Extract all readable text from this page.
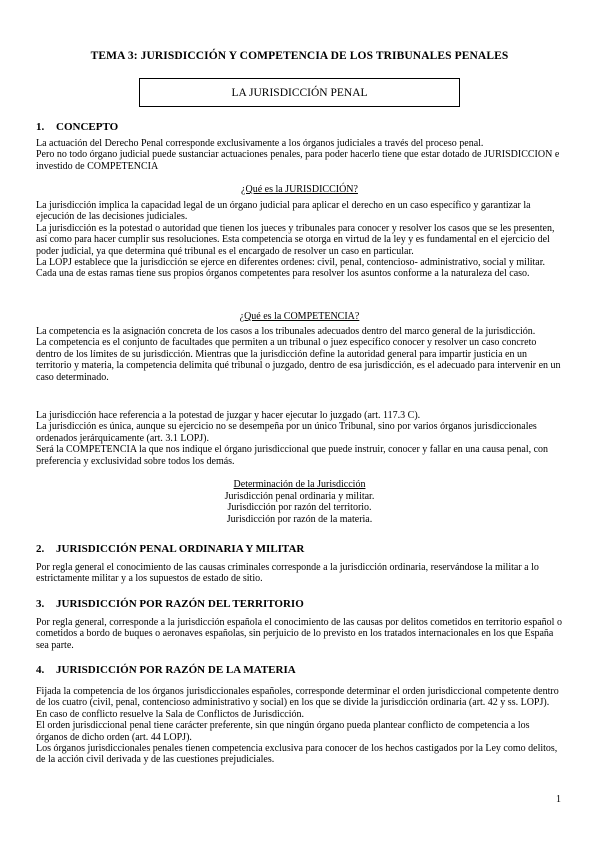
TEMA 3: JURISDICCIÓN Y COMPETENCIA DE LOS TRIBUNALES PENALES
LA JURISDICCIÓN PENAL
1. CONCEPTO

La actuación del Derecho Penal corresponde exclusivamente a los órganos judiciales a través del proceso penal.

Pero no todo órgano judicial puede sustanciar actuaciones penales, para poder hacerlo tiene que estar dotado de JURISDICCION e investido de COMPETENCIA

¿Qué es la JURISDICCIÓN?

La jurisdicción implica la capacidad legal de un órgano judicial para aplicar el derecho en un caso específico y garantizar la ejecución de las decisiones judiciales.

La jurisdicción es la potestad o autoridad que tienen los jueces y tribunales para conocer y resolver los casos que se les presenten, así como para hacer cumplir sus resoluciones. Esta competencia se otorga en virtud de la ley y es fundamental en el ejercicio del poder judicial, ya que determina qué tribunal es el encargado de resolver un caso en particular.

La LOPJ establece que la jurisdicción se ejerce en diferentes ordenes: civil, penal, contencioso- administrativo, social y militar. Cada una de estas ramas tiene sus propios órganos competentes para resolver los asuntos conforme a la naturaleza del caso.

¿Qué es la COMPETENCIA?

La competencia es la asignación concreta de los casos a los tribunales adecuados dentro del marco general de la jurisdicción.

La competencia es el conjunto de facultades que permiten a un tribunal o juez específico conocer y resolver un caso concreto dentro de los límites de su jurisdicción. Mientras que la jurisdicción define la autoridad general para impartir justicia en un territorio y materia, la competencia delimita qué tribunal o juzgado, dentro de esa jurisdicción, es el adecuado para intervenir en un caso determinado.

La jurisdicción hace referencia a la potestad de juzgar y hacer ejecutar lo juzgado (art. 117.3 C).

La jurisdicción es única, aunque su ejercicio no se desempeña por un único Tribunal, sino por varios órganos jurisdiccionales ordenados jerárquicamente (art. 3.1 LOPJ).

Será la COMPETENCIA la que nos indique el órgano jurisdiccional que puede instruir, conocer y fallar en una causa penal, con preferencia y exclusividad sobre todos los demás.

Determinación de la Jurisdicción
Jurisdicción penal ordinaria y militar.
Jurisdicción por razón del territorio.
Jurisdicción por razón de la materia.
2. JURISDICCIÓN PENAL ORDINARIA Y MILITAR

Por regla general el conocimiento de las causas criminales corresponde a la jurisdicción ordinaria, reservándose la militar a lo estrictamente militar y a los supuestos de estado de sitio.

3. JURISDICCIÓN POR RAZÓN DEL TERRITORIO

Por regla general, corresponde a la jurisdicción española el conocimiento de las causas por delitos cometidos en territorio español o cometidos a bordo de buques o aeronaves españolas, sin perjuicio de lo previsto en los tratados internacionales en los que España sea parte.

4. JURISDICCIÓN POR RAZÓN DE LA MATERIA

Fijada la competencia de los órganos jurisdiccionales españoles, corresponde determinar el orden jurisdiccional competente dentro de los cuatro (civil, penal, contencioso administrativo y social) en los que se divide la jurisdicción ordinaria (art. 42 y ss. LOPJ).

En caso de conflicto resuelve la Sala de Conflictos de Jurisdicción.

El orden jurisdiccional penal tiene carácter preferente, sin que ningún órgano pueda plantear conflicto de competencia a los órganos de dicho orden (art. 44 LOPJ).

Los órganos jurisdiccionales penales tienen competencia exclusiva para conocer de los hechos castigados por la Ley como delitos, de la acción civil derivada y de las cuestiones prejudiciales.

1
